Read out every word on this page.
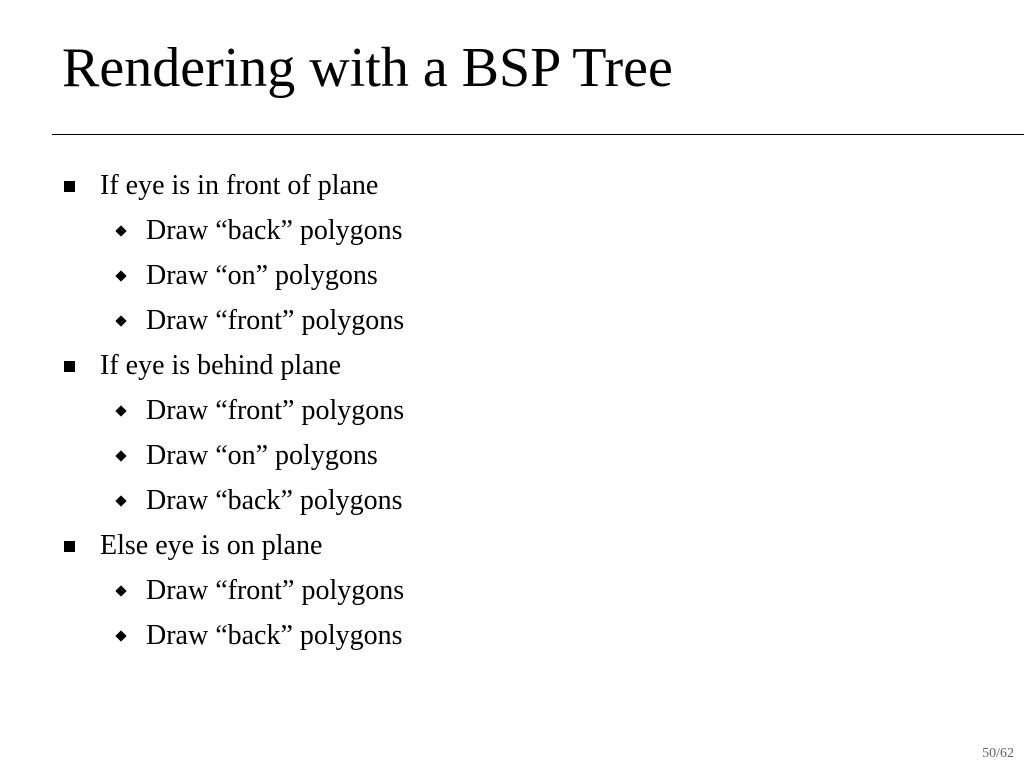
Rendering with a BSP Tree
If eye is in front of plane
Draw “back” polygons
Draw “on” polygons
Draw “front” polygons
If eye is behind plane
Draw “front” polygons
Draw “on” polygons
Draw “back” polygons
Else eye is on plane
Draw “front” polygons
Draw “back” polygons
50/62
